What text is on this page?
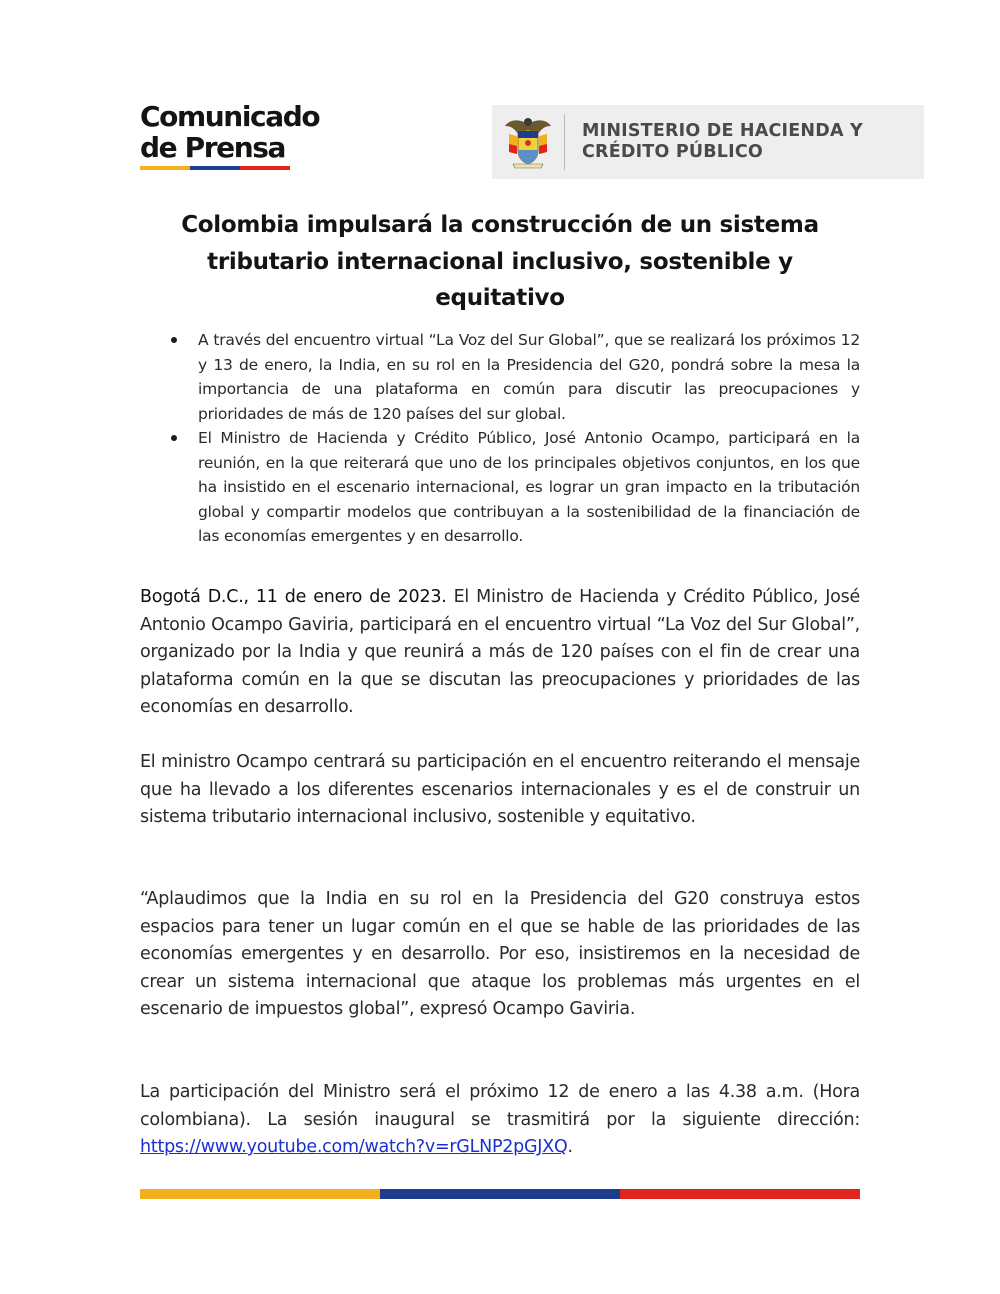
Comunicado
de Prensa	MINISTERIO DE HACIENDA Y
CRÉDITO PÚBLICO
Colombia impulsará la construcción de un sistema tributario internacional inclusivo, sostenible y equitativo
A través del encuentro virtual “La Voz del Sur Global”, que se realizará los próximos 12 y 13 de enero, la India, en su rol en la Presidencia del G20, pondrá sobre la mesa la importancia de una plataforma en común para discutir las preocupaciones y prioridades de más de 120 países del sur global.
El Ministro de Hacienda y Crédito Público, José Antonio Ocampo, participará en la reunión, en la que reiterará que uno de los principales objetivos conjuntos, en los que ha insistido en el escenario internacional, es lograr un gran impacto en la tributación global y compartir modelos que contribuyan a la sostenibilidad de la financiación de las economías emergentes y en desarrollo.

Bogotá D.C., 11 de enero de 2023. El Ministro de Hacienda y Crédito Público, José Antonio Ocampo Gaviria, participará en el encuentro virtual “La Voz del Sur Global”, organizado por la India y que reunirá a más de 120 países con el fin de crear una plataforma común en la que se discutan las preocupaciones y prioridades de las economías en desarrollo.

El ministro Ocampo centrará su participación en el encuentro reiterando el mensaje que ha llevado a los diferentes escenarios internacionales y es el de construir un sistema tributario internacional inclusivo, sostenible y equitativo.

“Aplaudimos que la India en su rol en la Presidencia del G20 construya estos espacios para tener un lugar común en el que se hable de las prioridades de las economías emergentes y en desarrollo. Por eso, insistiremos en la necesidad de crear un sistema internacional que ataque los problemas más urgentes en el escenario de impuestos global”, expresó Ocampo Gaviria.

La participación del Ministro será el próximo 12 de enero a las 4.38 a.m. (Hora colombiana). La sesión inaugural se trasmitirá por la siguiente dirección: https://www.youtube.com/watch?v=rGLNP2pGJXQ.
